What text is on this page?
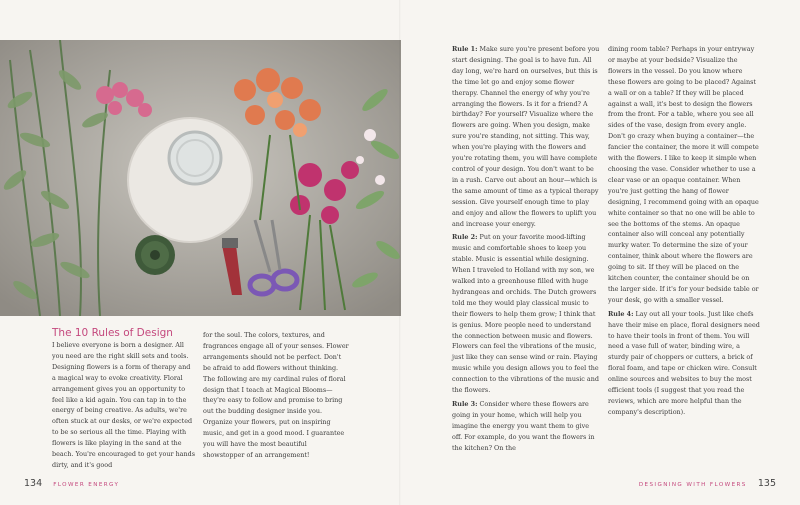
The 10 Rules of Design

I believe everyone is born a designer. All you need are the right skill sets and tools. Designing flowers is a form of therapy and a magical way to evoke creativity. Floral arrangement gives you an opportunity to feel like a kid again. You can tap in to the energy of being creative. As adults, we're often stuck at our desks, or we're expected to be so serious all the time. Playing with flowers is like playing in the sand at the beach. You're encouraged to get your hands dirty, and it's good

for the soul. The colors, textures, and fragrances engage all of your senses. Flower arrangements should not be perfect. Don't be afraid to add flowers without thinking. The following are my cardinal rules of floral design that I teach at Magical Blooms—they're easy to follow and promise to bring out the budding designer inside you. Organize your flowers, put on inspiring music, and get in a good mood. I guarantee you will have the most beautiful showstopper of an arrangement!

Rule 1: Make sure you're present before you start designing. The goal is to have fun. All day long, we're hard on ourselves, but this is the time let go and enjoy some flower therapy. Channel the energy of why you're arranging the flowers. Is it for a friend? A birthday? For yourself? Visualize where the flowers are going. When you design, make sure you're standing, not sitting. This way, when you're playing with the flowers and you're rotating them, you will have complete control of your design. You don't want to be in a rush. Carve out about an hour—which is the same amount of time as a typical therapy session. Give yourself enough time to play and enjoy and allow the flowers to uplift you and increase your energy.

Rule 2: Put on your favorite mood-lifting music and comfortable shoes to keep you stable. Music is essential while designing. When I traveled to Holland with my son, we walked into a greenhouse filled with huge hydrangeas and orchids. The Dutch growers told me they would play classical music to their flowers to help them grow; I think that is genius. More people need to understand the connection between music and flowers. Flowers can feel the vibrations of the music, just like they can sense wind or rain. Playing music while you design allows you to feel the connection to the vibrations of the music and the flowers.

Rule 3: Consider where these flowers are going in your home, which will help you imagine the energy you want them to give off. For example, do you want the flowers in the kitchen? On the

dining room table? Perhaps in your entryway or maybe at your bedside? Visualize the flowers in the vessel. Do you know where these flowers are going to be placed? Against a wall or on a table? If they will be placed against a wall, it's best to design the flowers from the front. For a table, where you see all sides of the vase, design from every angle. Don't go crazy when buying a container—the fancier the container, the more it will compete with the flowers. I like to keep it simple when choosing the vase. Consider whether to use a clear vase or an opaque container. When you're just getting the hang of flower designing, I recommend going with an opaque white container so that no one will be able to see the bottoms of the stems. An opaque container also will conceal any potentially murky water. To determine the size of your container, think about where the flowers are going to sit. If they will be placed on the kitchen counter, the container should be on the larger side. If it's for your bedside table or your desk, go with a smaller vessel.

Rule 4: Lay out all your tools. Just like chefs have their mise en place, floral designers need to have their tools in front of them. You will need a vase full of water, binding wire, a sturdy pair of choppers or cutters, a brick of floral foam, and tape or chicken wire. Consult online sources and websites to buy the most efficient tools (I suggest that you read the reviews, which are more helpful than the company's description).

134 FLOWER ENERGY	DESIGNING WITH FLOWERS 135
